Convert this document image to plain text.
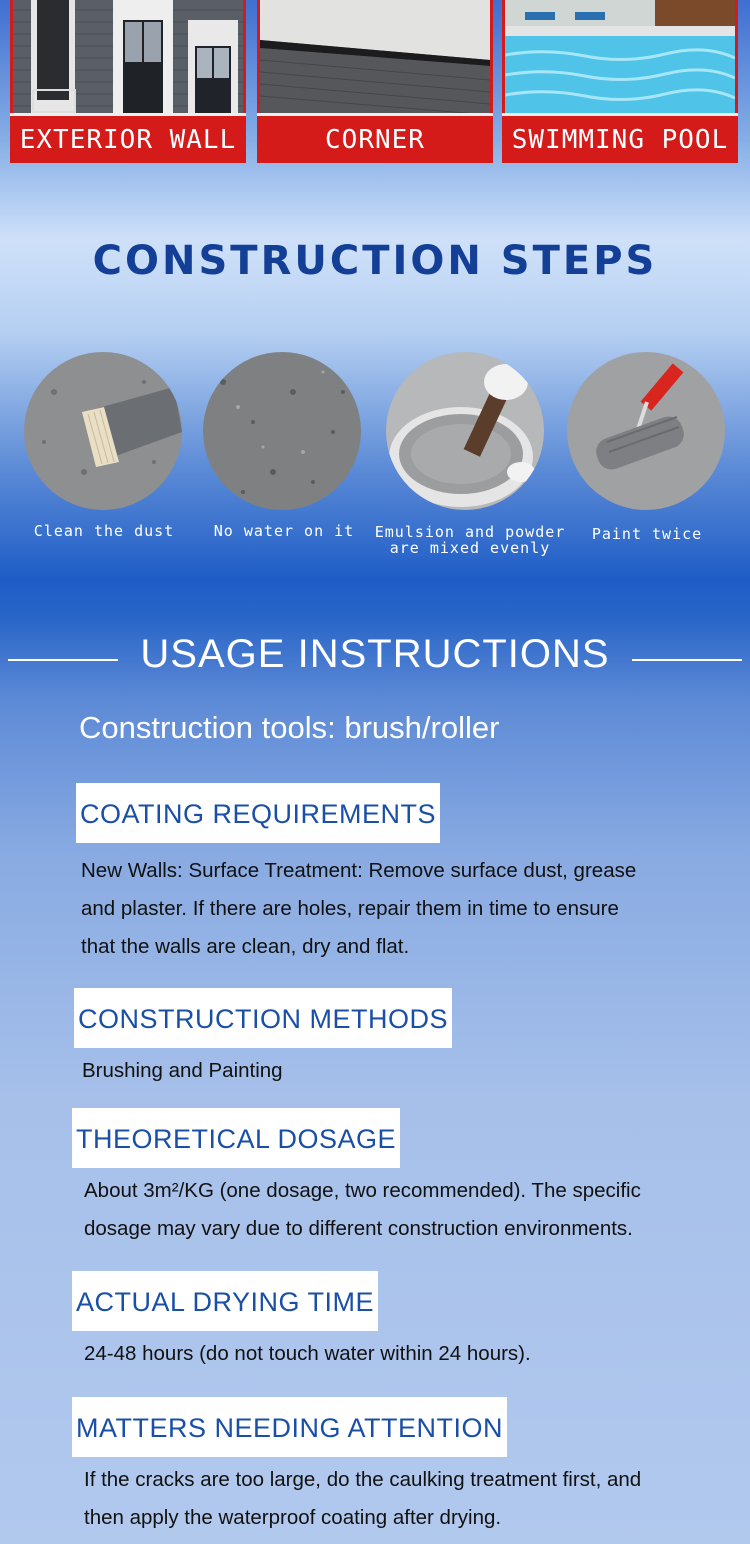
EXTERIOR WALL	CORNER	SWIMMING POOL
CONSTRUCTION STEPS
Clean the dust	No water on it	Emulsion and powder
are mixed evenly
Paint twice
USAGE INSTRUCTIONS
Construction tools: brush/roller
COATING REQUIREMENTS
New Walls: Surface Treatment: Remove surface dust, grease
and plaster. If there are holes, repair them in time to ensure
that the walls are clean, dry and flat.
CONSTRUCTION METHODS
Brushing and Painting
THEORETICAL DOSAGE
About 3m²/KG (one dosage, two recommended). The specific
dosage may vary due to different construction environments.
ACTUAL DRYING TIME
24-48 hours (do not touch water within 24 hours).
MATTERS NEEDING ATTENTION
If the cracks are too large, do the caulking treatment first, and
then apply the waterproof coating after drying.
